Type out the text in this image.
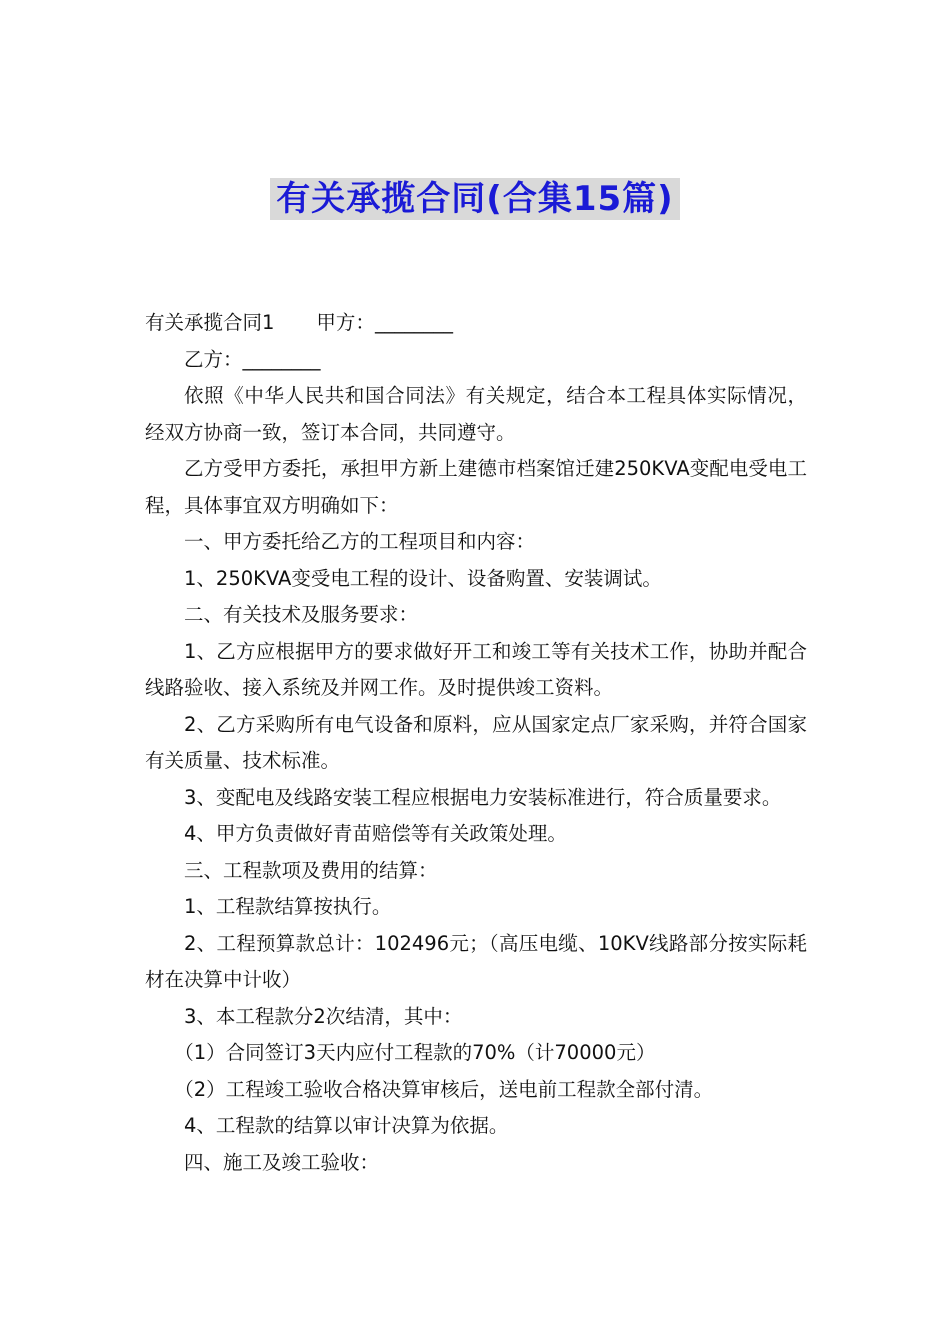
有关承揽合同(合集15篇)

有关承揽合同1 甲方：________

乙方：________

依照《中华人民共和国合同法》有关规定，结合本工程具体实际情况，经双方协商一致，签订本合同，共同遵守。

乙方受甲方委托，承担甲方新上建德市档案馆迁建250KVA变配电受电工程，具体事宜双方明确如下：

一、甲方委托给乙方的工程项目和内容：

1、250KVA变受电工程的设计、设备购置、安装调试。

二、有关技术及服务要求：

1、乙方应根据甲方的要求做好开工和竣工等有关技术工作，协助并配合线路验收、接入系统及并网工作。及时提供竣工资料。

2、乙方采购所有电气设备和原料，应从国家定点厂家采购，并符合国家有关质量、技术标准。

3、变配电及线路安装工程应根据电力安装标准进行，符合质量要求。

4、甲方负责做好青苗赔偿等有关政策处理。

三、工程款项及费用的结算：

1、工程款结算按执行。

2、工程预算款总计：102496元；（高压电缆、10KV线路部分按实际耗材在决算中计收）

3、本工程款分2次结清，其中：

（1）合同签订3天内应付工程款的70%（计70000元）

（2）工程竣工验收合格决算审核后，送电前工程款全部付清。

4、工程款的结算以审计决算为依据。

四、施工及竣工验收：
